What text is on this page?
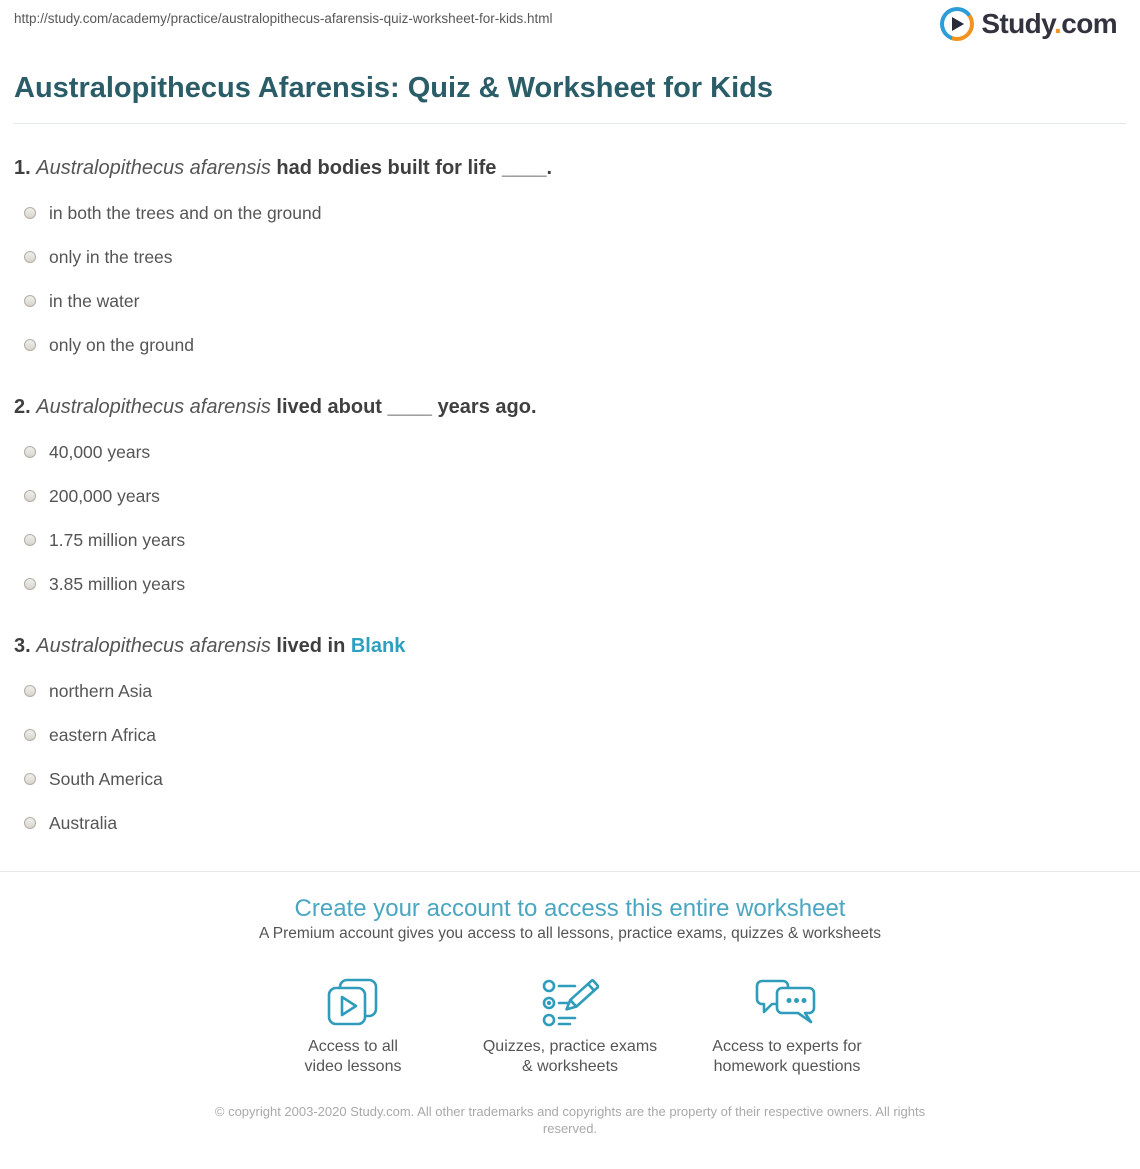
http://study.com/academy/practice/australopithecus-afarensis-quiz-worksheet-for-kids.html	Study.com
Australopithecus Afarensis: Quiz & Worksheet for Kids
1. Australopithecus afarensis had bodies built for life ____.
in both the trees and on the ground
only in the trees
in the water
only on the ground
2. Australopithecus afarensis lived about ____ years ago.
40,000 years
200,000 years
1.75 million years
3.85 million years
3. Australopithecus afarensis lived in Blank
northern Asia
eastern Africa
South America
Australia
Create your account to access this entire worksheet
A Premium account gives you access to all lessons, practice exams, quizzes & worksheets
Access to all
video lessons
Quizzes, practice exams
& worksheets
Access to experts for
homework questions
© copyright 2003-2020 Study.com. All other trademarks and copyrights are the property of their respective owners. All rights reserved.
